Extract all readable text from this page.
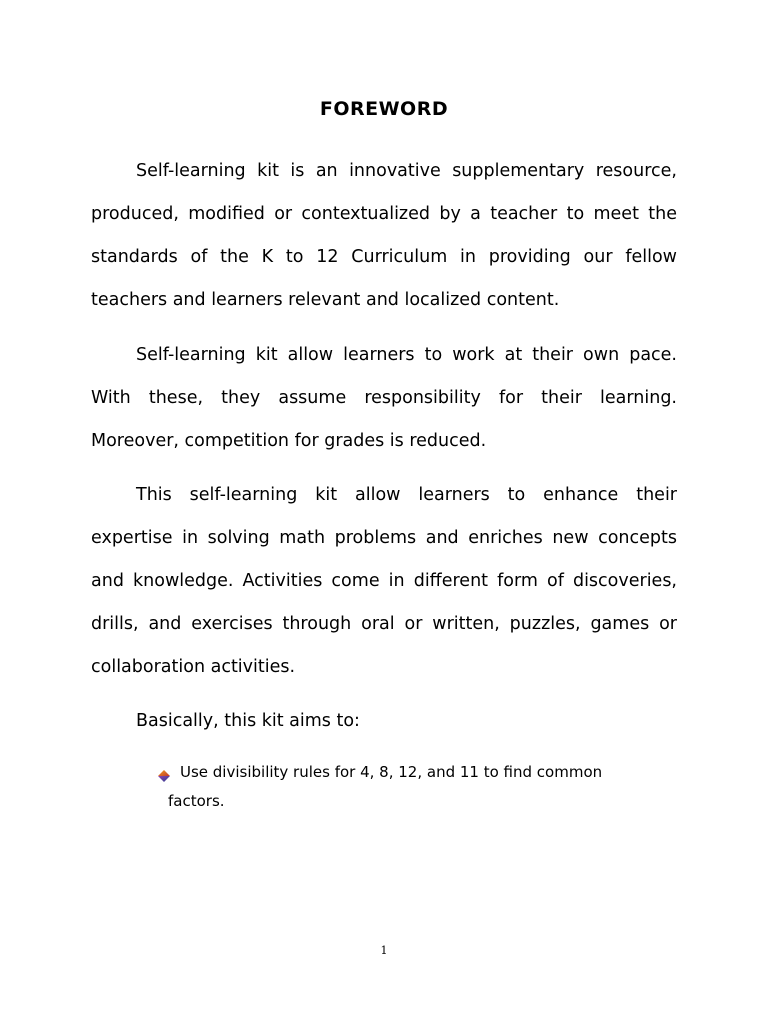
FOREWORD

Self-learning kit is an innovative supplementary resource, produced, modified or contextualized by a teacher to meet the standards of the K to 12 Curriculum in providing our fellow teachers and learners relevant and localized content.

Self-learning kit allow learners to work at their own pace. With these, they assume responsibility for their learning. Moreover, competition for grades is reduced.

This self-learning kit allow learners to enhance their expertise in solving math problems and enriches new concepts and knowledge. Activities come in different form of discoveries, drills, and exercises through oral or written, puzzles, games or collaboration activities.

Basically, this kit aims to:

Use divisibility rules for 4, 8, 12, and 11 to find common
factors.
1
